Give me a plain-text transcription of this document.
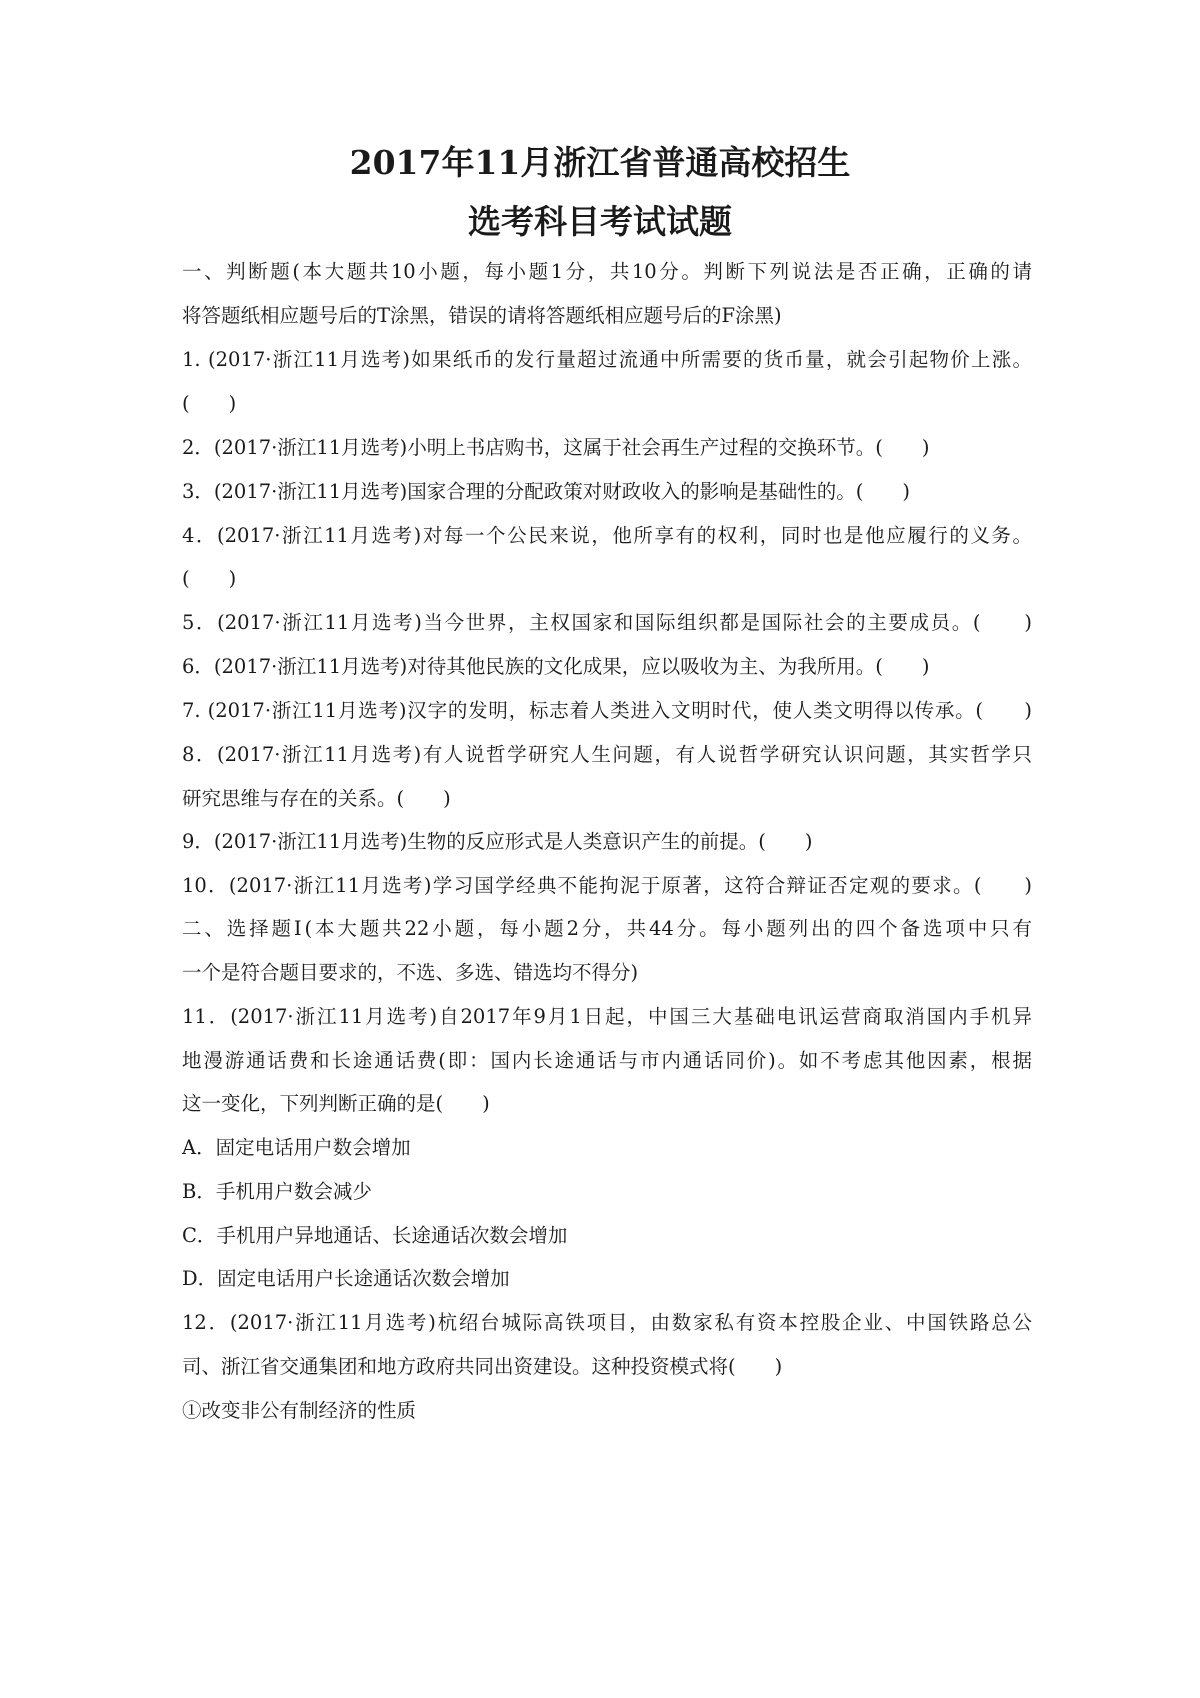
2017年11月浙江省普通高校招生
选考科目考试试题

一、判断题(本大题共10小题，每小题1分，共10分。判断下列说法是否正确，正确的请

将答题纸相应题号后的T涂黑，错误的请将答题纸相应题号后的F涂黑)

1. (2017·浙江11月选考)如果纸币的发行量超过流通中所需要的货币量，就会引起物价上涨。

(　　)

2．(2017·浙江11月选考)小明上书店购书，这属于社会再生产过程的交换环节。(　　)

3．(2017·浙江11月选考)国家合理的分配政策对财政收入的影响是基础性的。(　　)

4．(2017·浙江11月选考)对每一个公民来说，他所享有的权利，同时也是他应履行的义务。

(　　)

5．(2017·浙江11月选考)当今世界，主权国家和国际组织都是国际社会的主要成员。(　　)

6．(2017·浙江11月选考)对待其他民族的文化成果，应以吸收为主、为我所用。(　　)

7. (2017·浙江11月选考)汉字的发明，标志着人类进入文明时代，使人类文明得以传承。(　　)

8．(2017·浙江11月选考)有人说哲学研究人生问题，有人说哲学研究认识问题，其实哲学只

研究思维与存在的关系。(　　)

9．(2017·浙江11月选考)生物的反应形式是人类意识产生的前提。(　　)

10．(2017·浙江11月选考)学习国学经典不能拘泥于原著，这符合辩证否定观的要求。(　　)

二、选择题Ⅰ(本大题共22小题，每小题2分，共44分。每小题列出的四个备选项中只有

一个是符合题目要求的，不选、多选、错选均不得分)

11．(2017·浙江11月选考)自2017年9月1日起，中国三大基础电讯运营商取消国内手机异

地漫游通话费和长途通话费(即：国内长途通话与市内通话同价)。如不考虑其他因素，根据

这一变化，下列判断正确的是(　　)

A．固定电话用户数会增加

B．手机用户数会减少

C．手机用户异地通话、长途通话次数会增加

D．固定电话用户长途通话次数会增加

12．(2017·浙江11月选考)杭绍台城际高铁项目，由数家私有资本控股企业、中国铁路总公

司、浙江省交通集团和地方政府共同出资建设。这种投资模式将(　　)

①改变非公有制经济的性质
